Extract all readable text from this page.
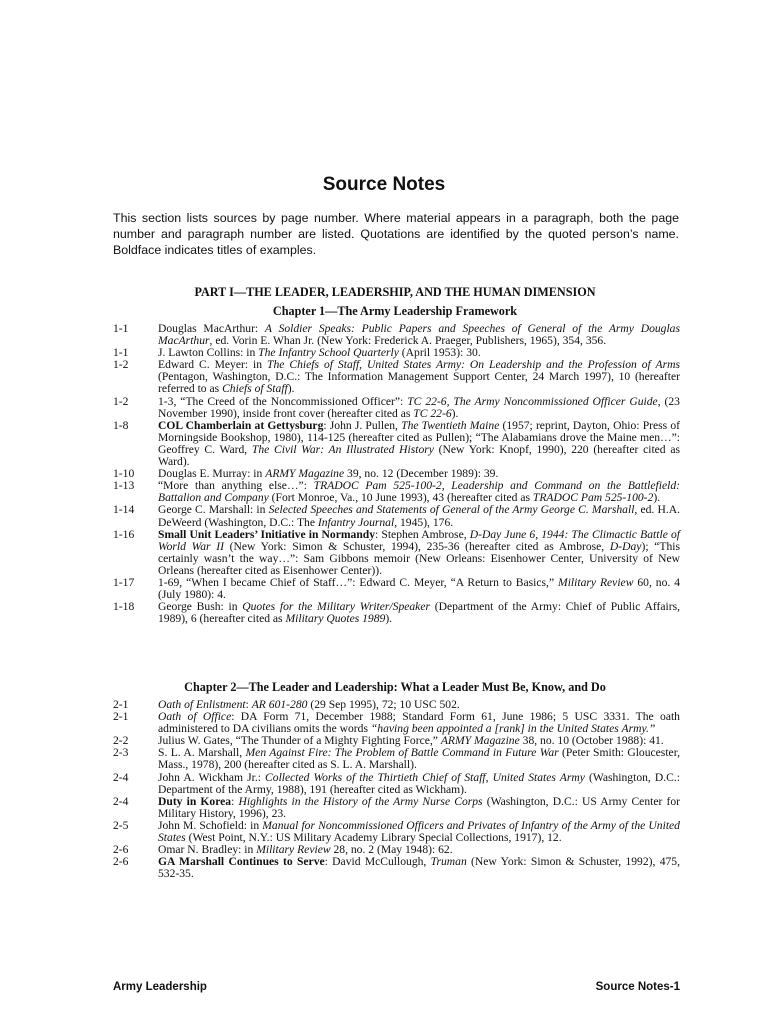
Source Notes

This section lists sources by page number. Where material appears in a paragraph, both the page number and paragraph number are listed. Quotations are identified by the quoted person’s name. Boldface indicates titles of examples.

PART I—THE LEADER, LEADERSHIP, AND THE HUMAN DIMENSION
Chapter 1—The Army Leadership Framework
1-1	Douglas MacArthur: A Soldier Speaks: Public Papers and Speeches of General of the Army Douglas MacArthur, ed. Vorin E. Whan Jr. (New York: Frederick A. Praeger, Publishers, 1965), 354, 356.
1-1	J. Lawton Collins: in The Infantry School Quarterly (April 1953): 30.
1-2	Edward C. Meyer: in The Chiefs of Staff, United States Army: On Leadership and the Profession of Arms (Pentagon, Washington, D.C.: The Information Management Support Center, 24 March 1997), 10 (hereafter referred to as Chiefs of Staff).
1-2	1-3, “The Creed of the Noncommissioned Officer”: TC 22-6, The Army Noncommissioned Officer Guide, (23 November 1990), inside front cover (hereafter cited as TC 22-6).
1-8	COL Chamberlain at Gettysburg: John J. Pullen, The Twentieth Maine (1957; reprint, Dayton, Ohio: Press of Morningside Bookshop, 1980), 114-125 (hereafter cited as Pullen); “The Alabamians drove the Maine men…”: Geoffrey C. Ward, The Civil War: An Illustrated History (New York: Knopf, 1990), 220 (hereafter cited as Ward).
1-10	Douglas E. Murray: in ARMY Magazine 39, no. 12 (December 1989): 39.
1-13	“More than anything else…”: TRADOC Pam 525-100-2, Leadership and Command on the Battlefield: Battalion and Company (Fort Monroe, Va., 10 June 1993), 43 (hereafter cited as TRADOC Pam 525-100-2).
1-14	George C. Marshall: in Selected Speeches and Statements of General of the Army George C. Marshall, ed. H.A. DeWeerd (Washington, D.C.: The Infantry Journal, 1945), 176.
1-16	Small Unit Leaders’ Initiative in Normandy: Stephen Ambrose, D-Day June 6, 1944: The Climactic Battle of World War II (New York: Simon & Schuster, 1994), 235-36 (hereafter cited as Ambrose, D-Day); “This certainly wasn’t the way…”: Sam Gibbons memoir (New Orleans: Eisenhower Center, University of New Orleans (hereafter cited as Eisenhower Center)).
1-17	1-69, “When I became Chief of Staff…”: Edward C. Meyer, “A Return to Basics,” Military Review 60, no. 4 (July 1980): 4.
1-18	George Bush: in Quotes for the Military Writer/Speaker (Department of the Army: Chief of Public Affairs, 1989), 6 (hereafter cited as Military Quotes 1989).
Chapter 2—The Leader and Leadership: What a Leader Must Be, Know, and Do
2-1	Oath of Enlistment: AR 601-280 (29 Sep 1995), 72; 10 USC 502.
2-1	Oath of Office: DA Form 71, December 1988; Standard Form 61, June 1986; 5 USC 3331. The oath administered to DA civilians omits the words “having been appointed a [rank] in the United States Army.”
2-2	Julius W. Gates, “The Thunder of a Mighty Fighting Force,” ARMY Magazine 38, no. 10 (October 1988): 41.
2-3	S. L. A. Marshall, Men Against Fire: The Problem of Battle Command in Future War (Peter Smith: Gloucester, Mass., 1978), 200 (hereafter cited as S. L. A. Marshall).
2-4	John A. Wickham Jr.: Collected Works of the Thirtieth Chief of Staff, United States Army (Washington, D.C.: Department of the Army, 1988), 191 (hereafter cited as Wickham).
2-4	Duty in Korea: Highlights in the History of the Army Nurse Corps (Washington, D.C.: US Army Center for Military History, 1996), 23.
2-5	John M. Schofield: in Manual for Noncommissioned Officers and Privates of Infantry of the Army of the United States (West Point, N.Y.: US Military Academy Library Special Collections, 1917), 12.
2-6	Omar N. Bradley: in Military Review 28, no. 2 (May 1948): 62.
2-6	GA Marshall Continues to Serve: David McCullough, Truman (New York: Simon & Schuster, 1992), 475, 532-35.
Army Leadership	Source Notes-1
